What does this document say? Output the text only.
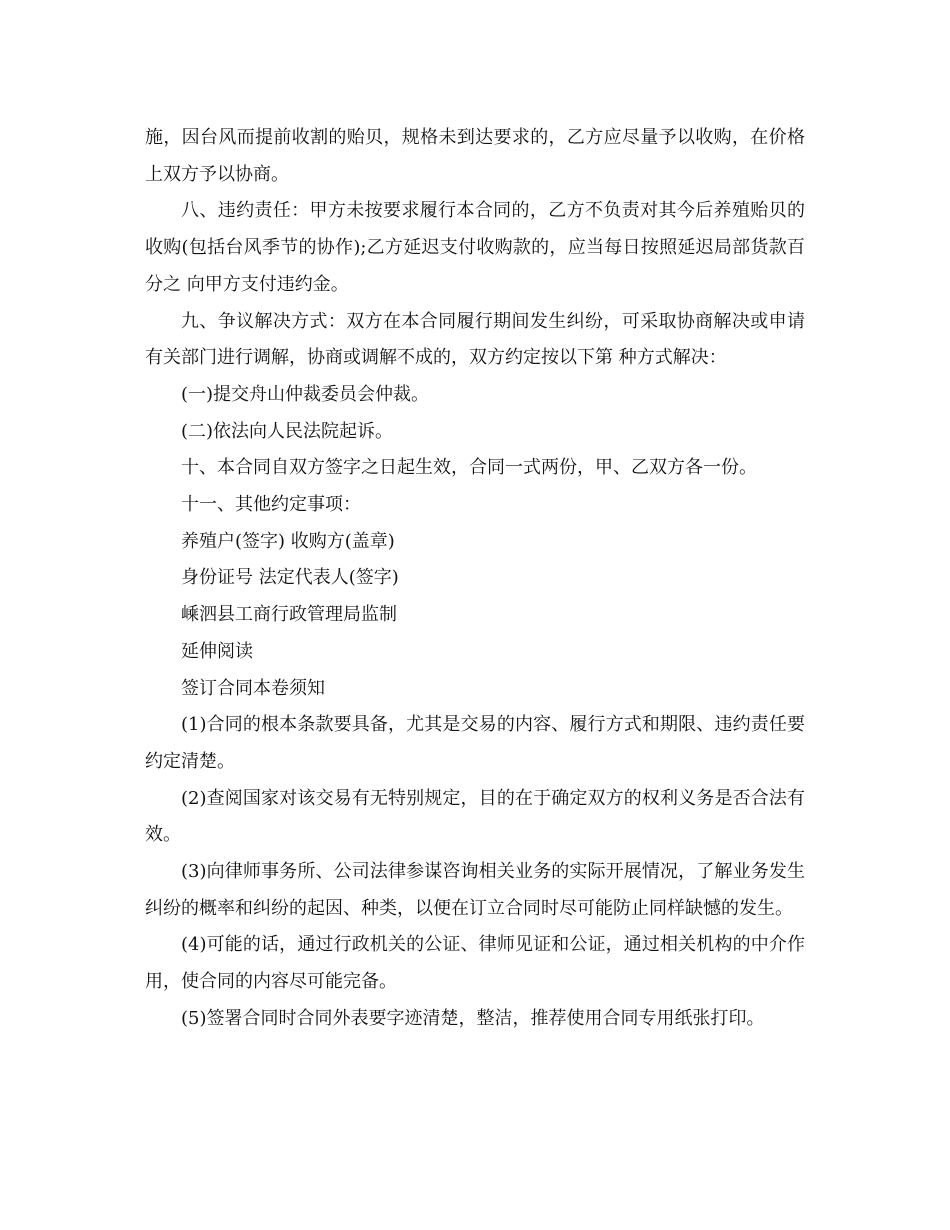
施，因台风而提前收割的贻贝，规格未到达要求的，乙方应尽量予以收购，在价格上双方予以协商。

八、违约责任：甲方未按要求履行本合同的，乙方不负责对其今后养殖贻贝的收购(包括台风季节的协作);乙方延迟支付收购款的，应当每日按照延迟局部货款百分之 向甲方支付违约金。

九、争议解决方式：双方在本合同履行期间发生纠纷，可采取协商解决或申请有关部门进行调解，协商或调解不成的，双方约定按以下第 种方式解决：

(一)提交舟山仲裁委员会仲裁。

(二)依法向人民法院起诉。

十、本合同自双方签字之日起生效，合同一式两份，甲、乙双方各一份。

十一、其他约定事项：

养殖户(签字) 收购方(盖章)

身份证号 法定代表人(签字)

嵊泗县工商行政管理局监制

延伸阅读

签订合同本卷须知

(1)合同的根本条款要具备，尤其是交易的内容、履行方式和期限、违约责任要约定清楚。

(2)查阅国家对该交易有无特别规定，目的在于确定双方的权利义务是否合法有效。

(3)向律师事务所、公司法律参谋咨询相关业务的实际开展情况，了解业务发生纠纷的概率和纠纷的起因、种类，以便在订立合同时尽可能防止同样缺憾的发生。

(4)可能的话，通过行政机关的公证、律师见证和公证，通过相关机构的中介作用，使合同的内容尽可能完备。

(5)签署合同时合同外表要字迹清楚，整洁，推荐使用合同专用纸张打印。
